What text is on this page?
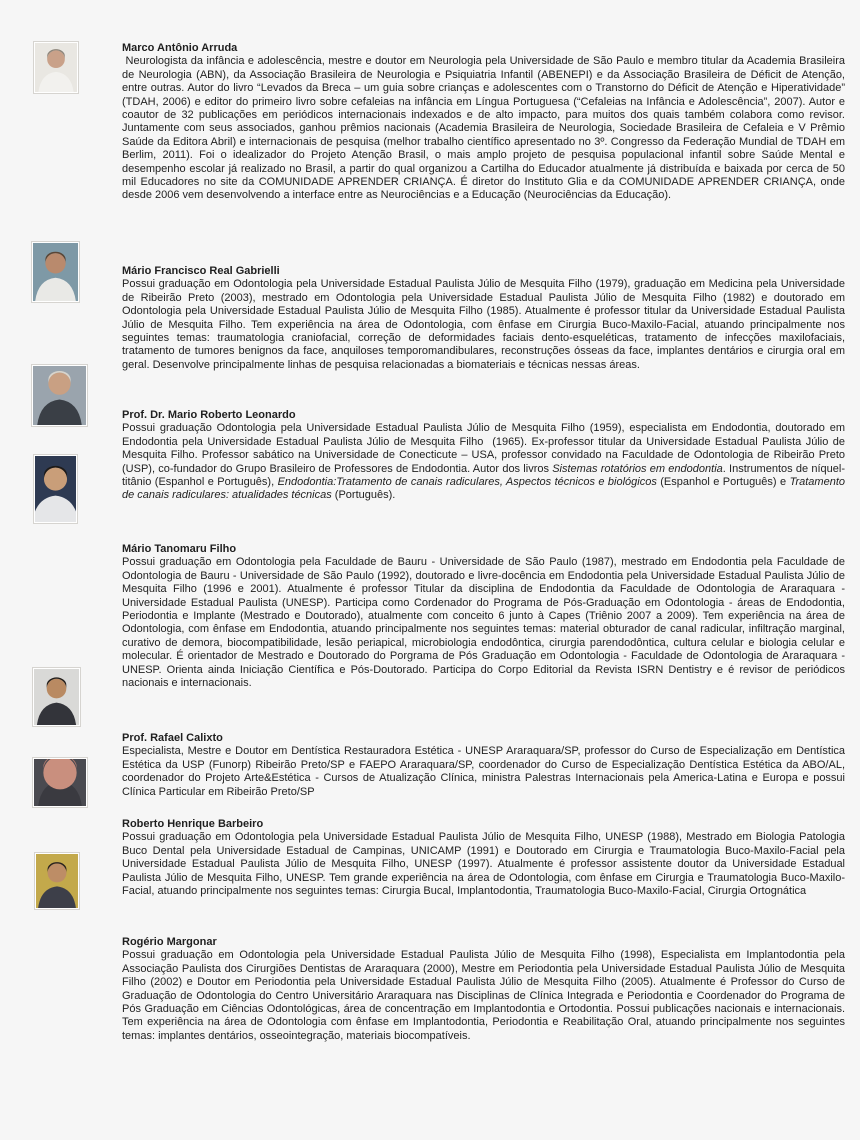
Marco Antônio Arruda

Neurologista da infância e adolescência, mestre e doutor em Neurologia pela Universidade de São Paulo e membro titular da Academia Brasileira de Neurologia (ABN), da Associação Brasileira de Neurologia e Psiquiatria Infantil (ABENEPI) e da Associação Brasileira de Déficit de Atenção, entre outras. Autor do livro “Levados da Breca – um guia sobre crianças e adolescentes com o Transtorno do Déficit de Atenção e Hiperatividade” (TDAH, 2006) e editor do primeiro livro sobre cefaleias na infância em Língua Portuguesa (“Cefaleias na Infância e Adolescência”, 2007). Autor e coautor de 32 publicações em periódicos internacionais indexados e de alto impacto, para muitos dos quais também colabora como revisor. Juntamente com seus associados, ganhou prêmios nacionais (Academia Brasileira de Neurologia, Sociedade Brasileira de Cefaleia e V Prêmio Saúde da Editora Abril) e internacionais de pesquisa (melhor trabalho científico apresentado no 3º. Congresso da Federação Mundial de TDAH em Berlim, 2011). Foi o idealizador do Projeto Atenção Brasil, o mais amplo projeto de pesquisa populacional infantil sobre Saúde Mental e desempenho escolar já realizado no Brasil, a partir do qual organizou a Cartilha do Educador atualmente já distribuída e baixada por cerca de 50 mil Educadores no site da COMUNIDADE APRENDER CRIANÇA. É diretor do Instituto Glia e da COMUNIDADE APRENDER CRIANÇA, onde desde 2006 vem desenvolvendo a interface entre as Neurociências e a Educação (Neurociências da Educação).

Mário Francisco Real Gabrielli

Possui graduação em Odontologia pela Universidade Estadual Paulista Júlio de Mesquita Filho (1979), graduação em Medicina pela Universidade de Ribeirão Preto (2003), mestrado em Odontologia pela Universidade Estadual Paulista Júlio de Mesquita Filho (1982) e doutorado em Odontologia pela Universidade Estadual Paulista Júlio de Mesquita Filho (1985). Atualmente é professor titular da Universidade Estadual Paulista Júlio de Mesquita Filho. Tem experiência na área de Odontologia, com ênfase em Cirurgia Buco-Maxilo-Facial, atuando principalmente nos seguintes temas: traumatologia craniofacial, correção de deformidades faciais dento-esqueléticas, tratamento de infecções maxilofaciais, tratamento de tumores benignos da face, anquiloses temporomandibulares, reconstruções ósseas da face, implantes dentários e cirurgia oral em geral. Desenvolve principalmente linhas de pesquisa relacionadas a biomateriais e técnicas nessas áreas.

Prof. Dr. Mario Roberto Leonardo

Possui graduação Odontologia pela Universidade Estadual Paulista Júlio de Mesquita Filho (1959), especialista em Endodontia, doutorado em Endodontia pela Universidade Estadual Paulista Júlio de Mesquita Filho  (1965). Ex-professor titular da Universidade Estadual Paulista Júlio de Mesquita Filho. Professor sabático na Universidade de Conecticute – USA, professor convidado na Faculdade de Odontologia de Ribeirão Preto (USP), co-fundador do Grupo Brasileiro de Professores de Endodontia. Autor dos livros Sistemas rotatórios em endodontia. Instrumentos de níquel-titânio (Espanhol e Português), Endodontia:Tratamento de canais radiculares, Aspectos técnicos e biológicos (Espanhol e Português) e Tratamento de canais radiculares: atualidades técnicas (Português).

Mário Tanomaru Filho

Possui graduação em Odontologia pela Faculdade de Bauru - Universidade de São Paulo (1987), mestrado em Endodontia pela Faculdade de Odontologia de Bauru - Universidade de São Paulo (1992), doutorado e livre-docência em Endodontia pela Universidade Estadual Paulista Júlio de Mesquita Filho (1996 e 2001). Atualmente é professor Titular da disciplina de Endodontia da Faculdade de Odontologia de Araraquara - Universidade Estadual Paulista (UNESP). Participa como Cordenador do Programa de Pós-Graduação em Odontologia - áreas de Endodontia, Periodontia e Implante (Mestrado e Doutorado), atualmente com conceito 6 junto à Capes (Triênio 2007 a 2009). Tem experiência na área de Odontologia, com ênfase em Endodontia, atuando principalmente nos seguintes temas: material obturador de canal radicular, infiltração marginal, curativo de demora, biocompatibilidade, lesão periapical, microbiologia endodôntica, cirurgia parendodôntica, cultura celular e biologia celular e molecular. É orientador de Mestrado e Doutorado do Porgrama de Pós Graduação em Odontologia - Faculdade de Odontologia de Araraquara - UNESP. Orienta ainda Iniciação Científica e Pós-Doutorado. Participa do Corpo Editorial da Revista ISRN Dentistry e é revisor de periódicos nacionais e internacionais.

Prof. Rafael Calixto

Especialista, Mestre e Doutor em Dentística Restauradora Estética - UNESP Araraquara/SP, professor do Curso de Especialização em Dentística Estética da USP (Funorp) Ribeirão Preto/SP e FAEPO Araraquara/SP, coordenador do Curso de Especialização Dentística Estética da ABO/AL, coordenador do Projeto Arte&Estética - Cursos de Atualização Clínica, ministra Palestras Internacionais pela America-Latina e Europa e possui Clínica Particular em Ribeirão Preto/SP

Roberto Henrique Barbeiro

Possui graduação em Odontologia pela Universidade Estadual Paulista Júlio de Mesquita Filho, UNESP (1988), Mestrado em Biologia Patologia Buco Dental pela Universidade Estadual de Campinas, UNICAMP (1991) e Doutorado em Cirurgia e Traumatologia Buco-Maxilo-Facial pela Universidade Estadual Paulista Júlio de Mesquita Filho, UNESP (1997). Atualmente é professor assistente doutor da Universidade Estadual Paulista Júlio de Mesquita Filho, UNESP. Tem grande experiência na área de Odontologia, com ênfase em Cirurgia e Traumatologia Buco-Maxilo-Facial, atuando principalmente nos seguintes temas: Cirurgia Bucal, Implantodontia, Traumatologia Buco-Maxilo-Facial, Cirurgia Ortognática

Rogério Margonar

Possui graduação em Odontologia pela Universidade Estadual Paulista Júlio de Mesquita Filho (1998), Especialista em Implantodontia pela Associação Paulista dos Cirurgiões Dentistas de Araraquara (2000), Mestre em Periodontia pela Universidade Estadual Paulista Júlio de Mesquita Filho (2002) e Doutor em Periodontia pela Universidade Estadual Paulista Júlio de Mesquita Filho (2005). Atualmente é Professor do Curso de Graduação de Odontologia do Centro Universitário Araraquara nas Disciplinas de Clínica Integrada e Periodontia e Coordenador do Programa de Pós Graduação em Ciências Odontológicas, área de concentração em Implantodontia e Ortodontia. Possui publicações nacionais e internacionais. Tem experiência na área de Odontologia com ênfase em Implantodontia, Periodontia e Reabilitação Oral, atuando principalmente nos seguintes temas: implantes dentários, osseointegração, materiais biocompatíveis.
